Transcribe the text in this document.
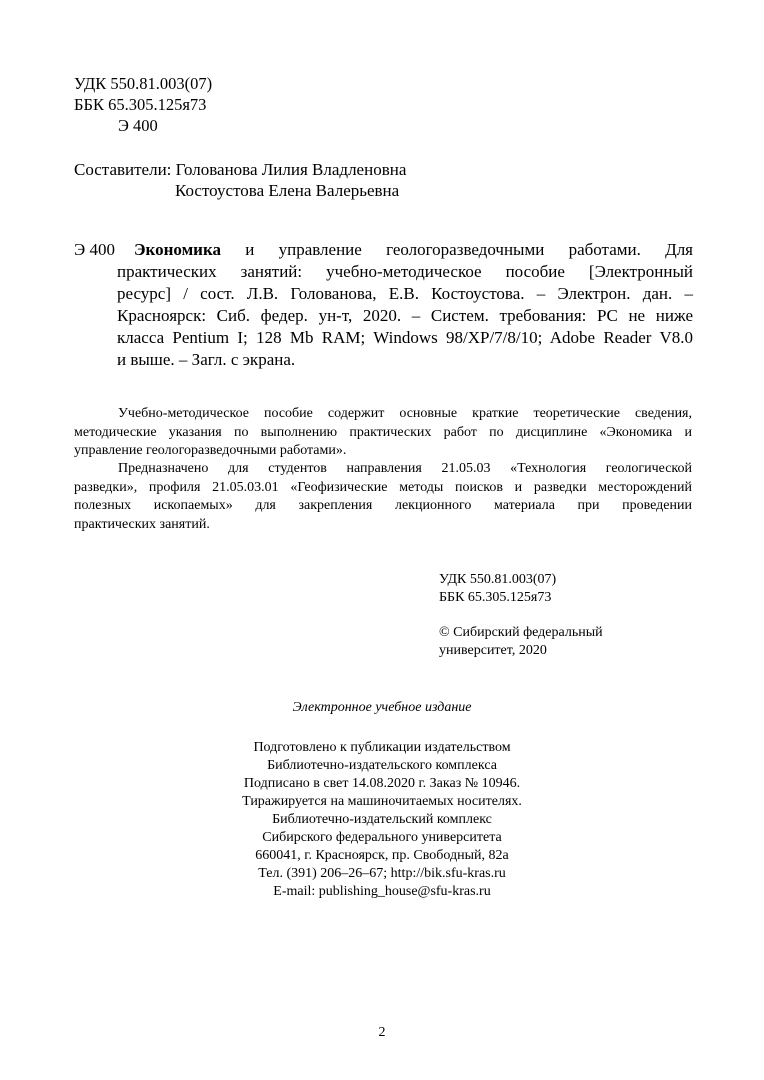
УДК 550.81.003(07)
ББК 65.305.125я73
Э 400
Составители: Голованова Лилия Владленовна
Костоустова Елена Валерьевна
Э 400 Экономика и управление геологоразведочными работами. Для
практических занятий: учебно-методическое пособие [Электронный
ресурс] / сост. Л.В. Голованова, Е.В. Костоустова. – Электрон. дан. –
Красноярск: Сиб. федер. ун-т, 2020. – Систем. требования: PC не ниже
класса Pentium I; 128 Mb RAM; Windows 98/XP/7/8/10; Adobe Reader V8.0
и выше. – Загл. с экрана.
Учебно-методическое пособие содержит основные краткие теоретические сведения,
методические указания по выполнению практических работ по дисциплине «Экономика и
управление геологоразведочными работами».
Предназначено для студентов направления 21.05.03 «Технология геологической
разведки», профиля 21.05.03.01 «Геофизические методы поисков и разведки месторождений
полезных ископаемых» для закрепления лекционного материала при проведении
практических занятий.
УДК 550.81.003(07)
ББК 65.305.125я73
© Сибирский федеральный
университет, 2020
Электронное учебное издание
Подготовлено к публикации издательством
Библиотечно-издательского комплекса
Подписано в свет 14.08.2020 г. Заказ № 10946.
Тиражируется на машиночитаемых носителях.
Библиотечно-издательский комплекс
Сибирского федерального университета
660041, г. Красноярск, пр. Свободный, 82а
Тел. (391) 206–26–67; http://bik.sfu-kras.ru
E-mail: publishing_house@sfu-kras.ru
2
